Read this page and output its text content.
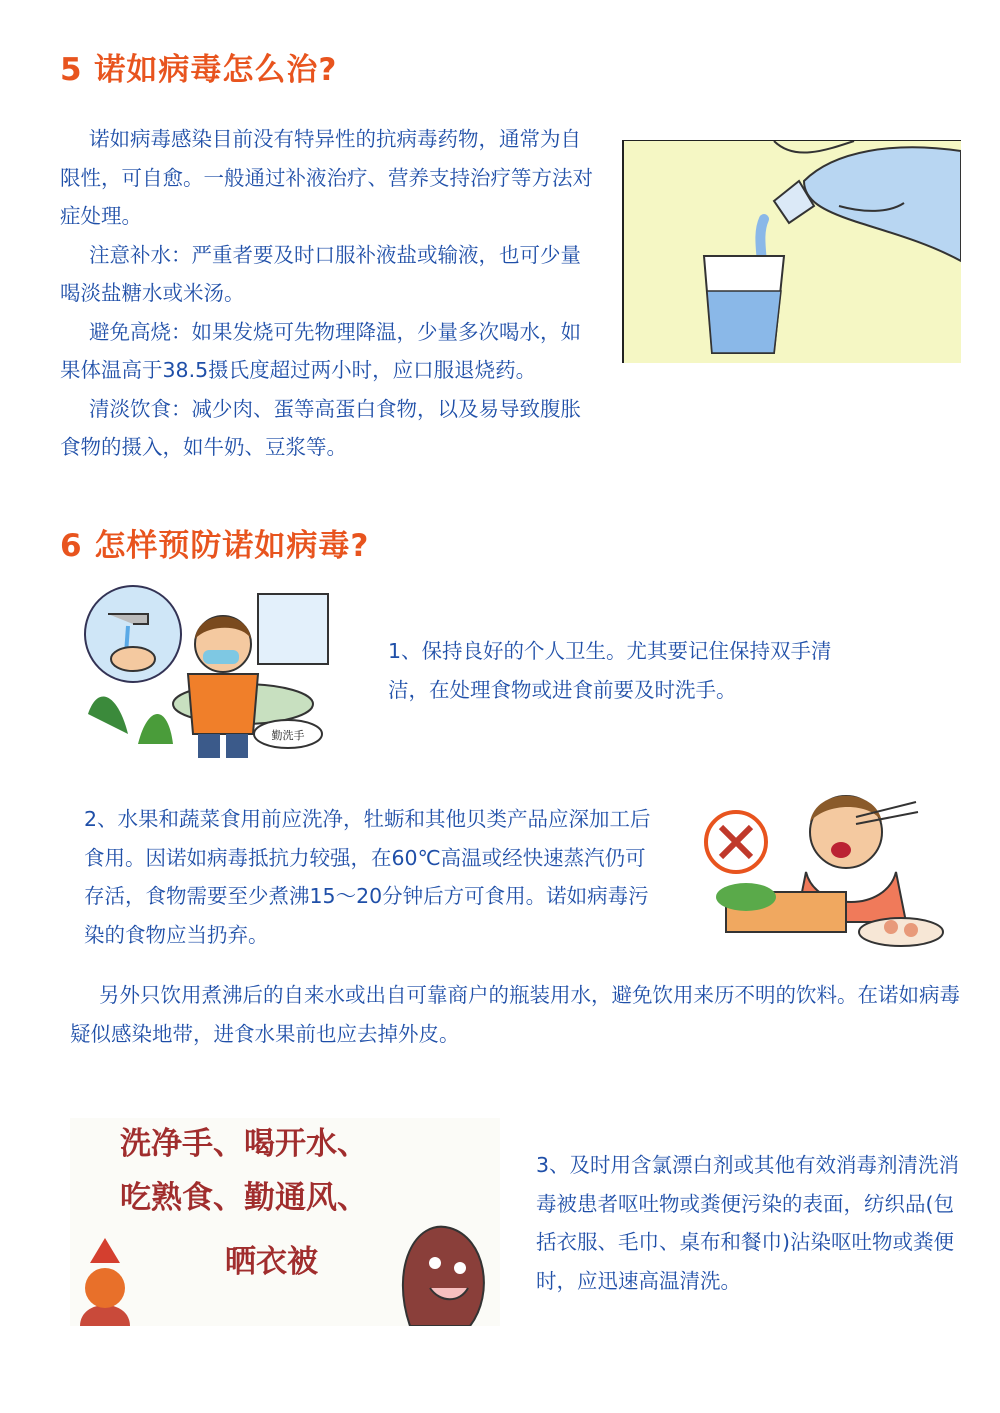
5 诺如病毒怎么治?

诺如病毒感染目前没有特异性的抗病毒药物，通常为自限性，可自愈。一般通过补液治疗、营养支持治疗等方法对症处理。

注意补水：严重者要及时口服补液盐或输液，也可少量喝淡盐糖水或米汤。

避免高烧：如果发烧可先物理降温，少量多次喝水，如果体温高于38.5摄氏度超过两小时，应口服退烧药。

清淡饮食：减少肉、蛋等高蛋白食物，以及易导致腹胀食物的摄入，如牛奶、豆浆等。

6 怎样预防诺如病毒?
勤洗手

1、保持良好的个人卫生。尤其要记住保持双手清洁，在处理食物或进食前要及时洗手。

2、水果和蔬菜食用前应洗净，牡蛎和其他贝类产品应深加工后食用。因诺如病毒抵抗力较强，在60℃高温或经快速蒸汽仍可存活，食物需要至少煮沸15～20分钟后方可食用。诺如病毒污染的食物应当扔弃。

另外只饮用煮沸后的自来水或出自可靠商户的瓶装用水，避免饮用来历不明的饮料。在诺如病毒疑似感染地带，进食水果前也应去掉外皮。

洗净手、喝开水、
吃熟食、勤通风、
晒衣被

3、及时用含氯漂白剂或其他有效消毒剂清洗消毒被患者呕吐物或粪便污染的表面，纺织品(包括衣服、毛巾、桌布和餐巾)沾染呕吐物或粪便时，应迅速高温清洗。
